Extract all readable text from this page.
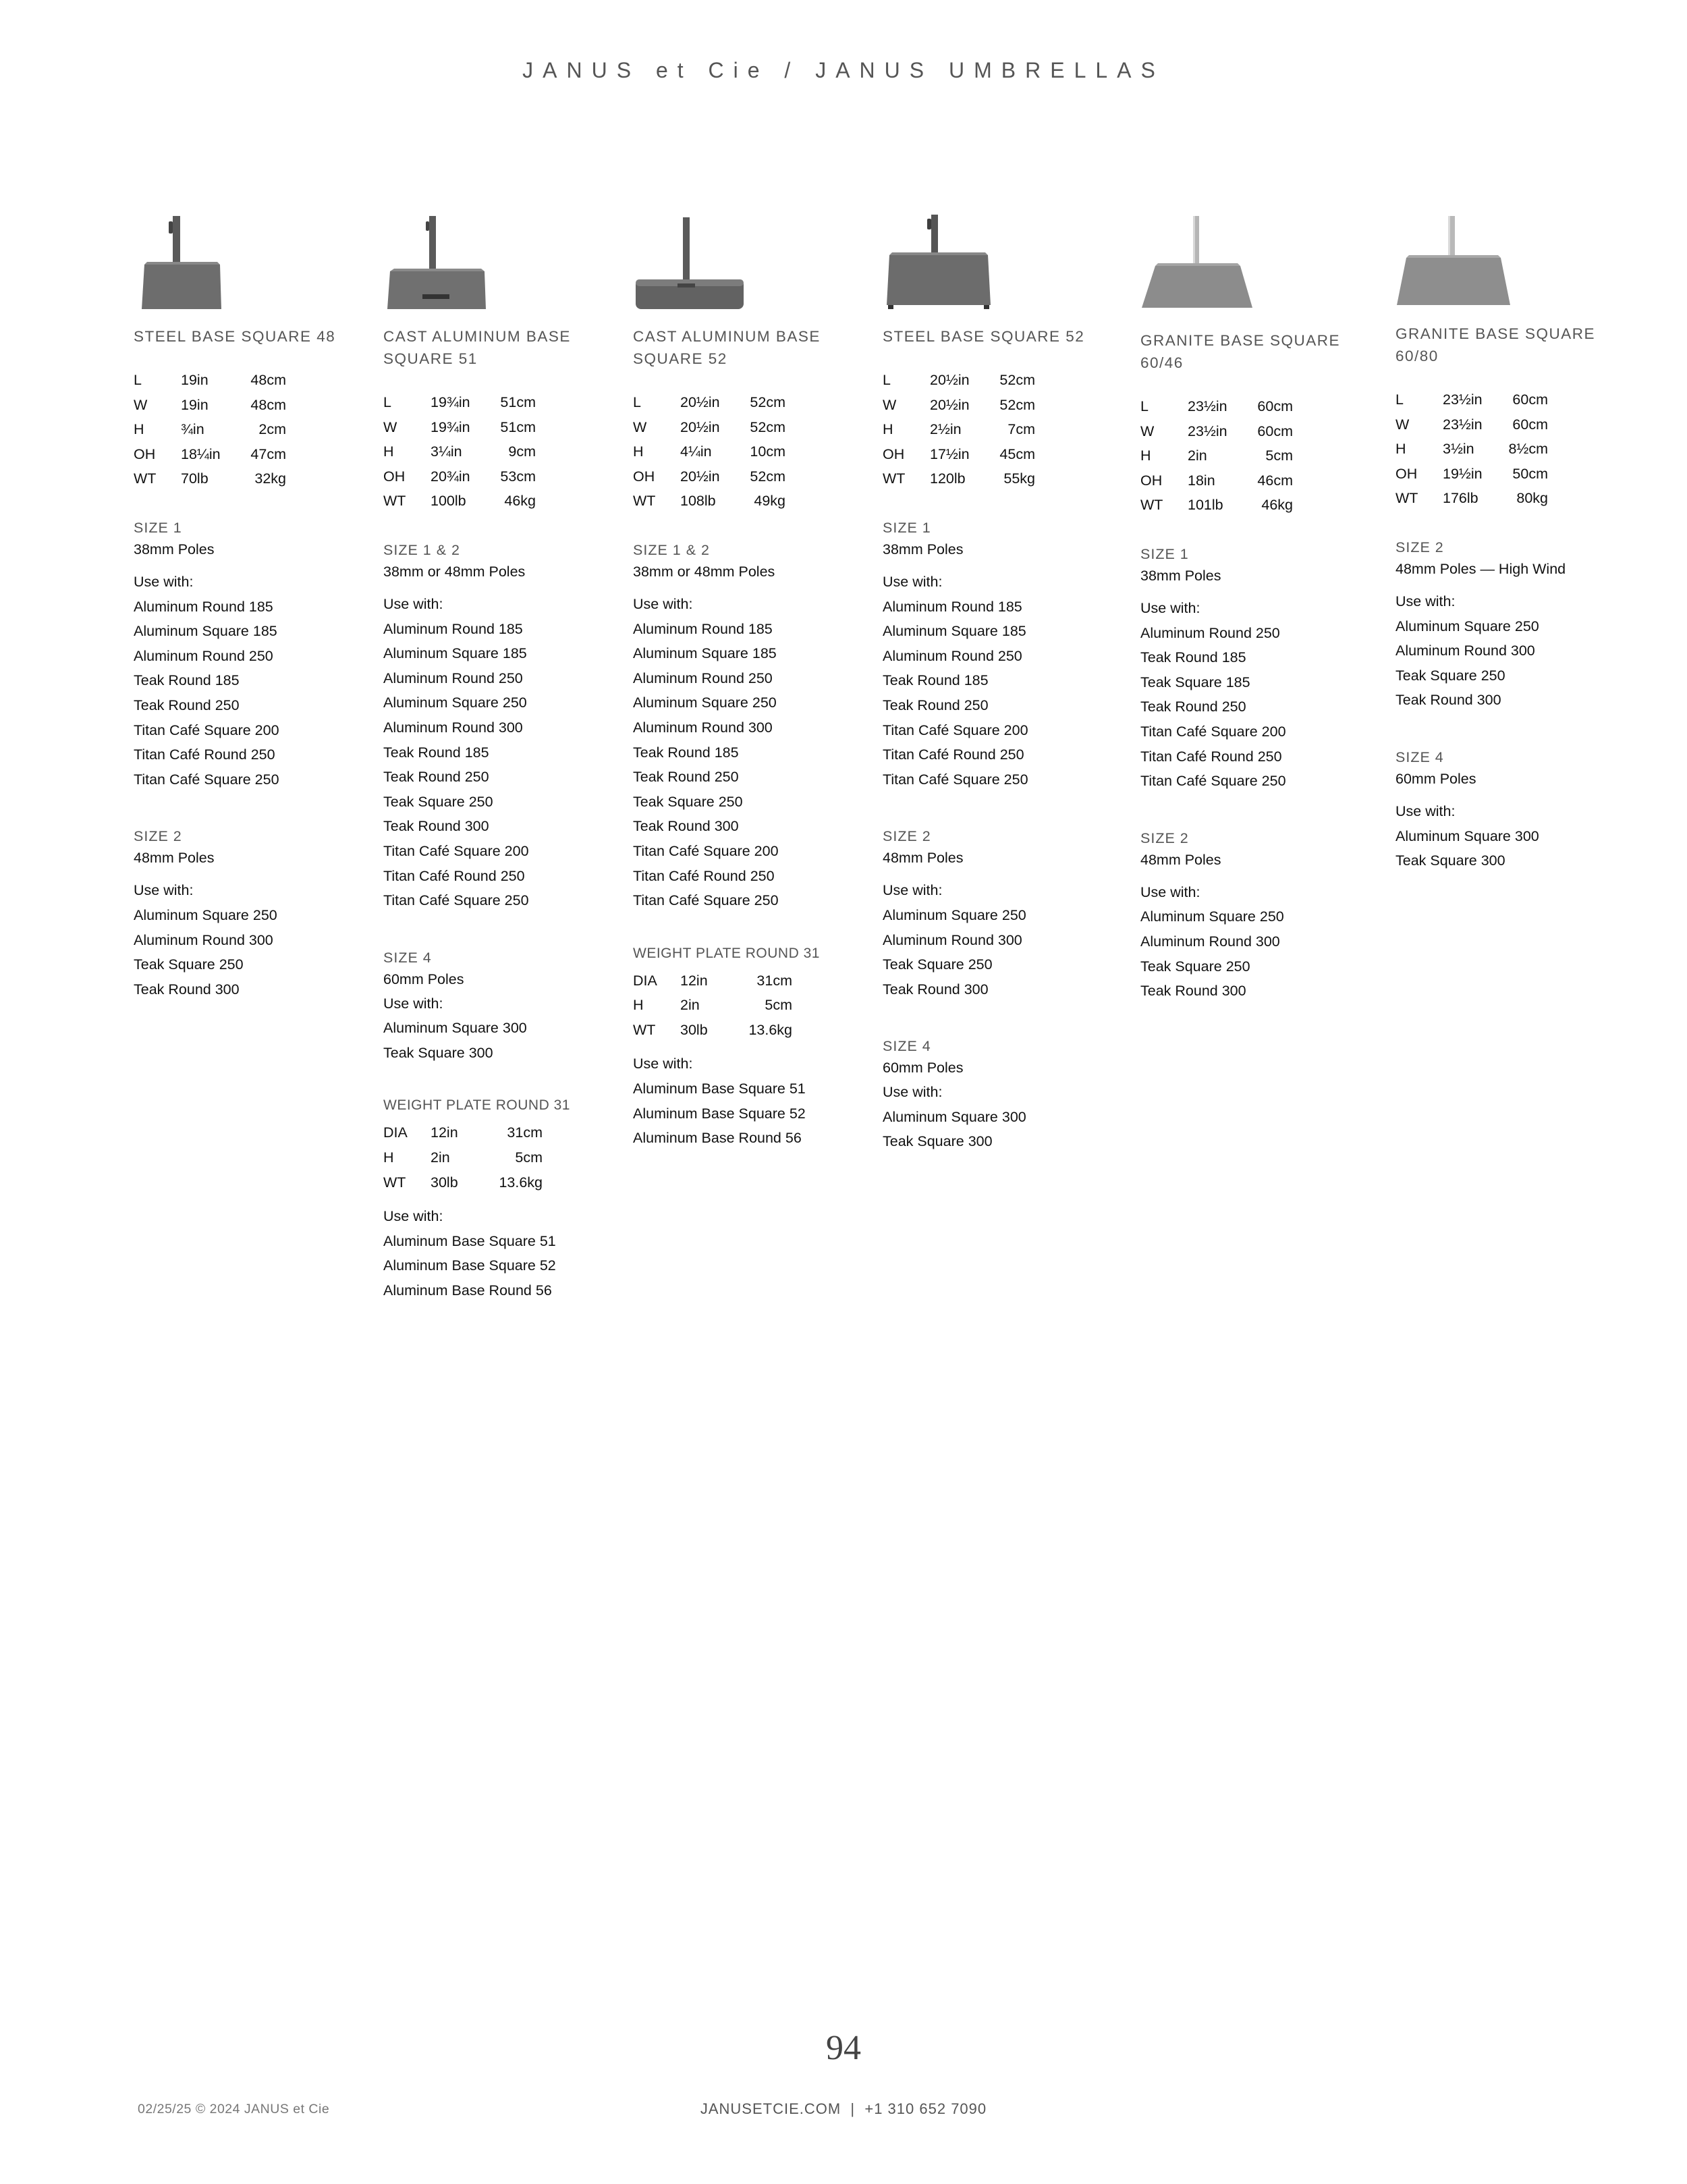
JANUS et Cie / JANUS UMBRELLAS
STEEL BASE SQUARE 48
L	19in	48cm
W	19in	48cm
H	¾in	2cm
OH	18¼in	47cm
WT	70lb	32kg
SIZE 1
38mm Poles
Use with:
Aluminum Round 185
Aluminum Square 185
Aluminum Round 250
Teak Round 185
Teak Round 250
Titan Café Square 200
Titan Café Round 250
Titan Café Square 250
SIZE 2
48mm Poles
Use with:
Aluminum Square 250
Aluminum Round 300
Teak Square 250
Teak Round 300
CAST ALUMINUM BASE SQUARE 51
L	19¾in	51cm
W	19¾in	51cm
H	3¼in	9cm
OH	20¾in	53cm
WT	100lb	46kg
SIZE 1 & 2
38mm or 48mm Poles
Use with:
Aluminum Round 185
Aluminum Square 185
Aluminum Round 250
Aluminum Square 250
Aluminum Round 300
Teak Round 185
Teak Round 250
Teak Square 250
Teak Round 300
Titan Café Square 200
Titan Café Round 250
Titan Café Square 250
SIZE 4
60mm Poles
Use with:
Aluminum Square 300
Teak Square 300
WEIGHT PLATE ROUND 31
DIA	12in	31cm
H	2in	5cm
WT	30lb	13.6kg
Use with:
Aluminum Base Square 51
Aluminum Base Square 52
Aluminum Base Round 56
CAST ALUMINUM BASE SQUARE 52
L	20½in	52cm
W	20½in	52cm
H	4¼in	10cm
OH	20½in	52cm
WT	108lb	49kg
SIZE 1 & 2
38mm or 48mm Poles
Use with:
Aluminum Round 185
Aluminum Square 185
Aluminum Round 250
Aluminum Square 250
Aluminum Round 300
Teak Round 185
Teak Round 250
Teak Square 250
Teak Round 300
Titan Café Square 200
Titan Café Round 250
Titan Café Square 250
WEIGHT PLATE ROUND 31
DIA	12in	31cm
H	2in	5cm
WT	30lb	13.6kg
Use with:
Aluminum Base Square 51
Aluminum Base Square 52
Aluminum Base Round 56
STEEL BASE SQUARE 52
L	20½in	52cm
W	20½in	52cm
H	2½in	7cm
OH	17½in	45cm
WT	120lb	55kg
SIZE 1
38mm Poles
Use with:
Aluminum Round 185
Aluminum Square 185
Aluminum Round 250
Teak Round 185
Teak Round 250
Titan Café Square 200
Titan Café Round 250
Titan Café Square 250
SIZE 2
48mm Poles
Use with:
Aluminum Square 250
Aluminum Round 300
Teak Square 250
Teak Round 300
SIZE 4
60mm Poles
Use with:
Aluminum Square 300
Teak Square 300
GRANITE BASE SQUARE 60/46
L	23½in	60cm
W	23½in	60cm
H	2in	5cm
OH	18in	46cm
WT	101lb	46kg
SIZE 1
38mm Poles
Use with:
Aluminum Round 250
Teak Round 185
Teak Square 185
Teak Round 250
Titan Café Square 200
Titan Café Round 250
Titan Café Square 250
SIZE 2
48mm Poles
Use with:
Aluminum Square 250
Aluminum Round 300
Teak Square 250
Teak Round 300
GRANITE BASE SQUARE 60/80
L	23½in	60cm
W	23½in	60cm
H	3½in	8½cm
OH	19½in	50cm
WT	176lb	80kg
SIZE 2
48mm Poles — High Wind
Use with:
Aluminum Square 250
Aluminum Round 300
Teak Square 250
Teak Round 300
SIZE 4
60mm Poles
Use with:
Aluminum Square 300
Teak Square 300
94
02/25/25 © 2024 JANUS et Cie	JANUSETCIE.COM  |  +1 310 652 7090
